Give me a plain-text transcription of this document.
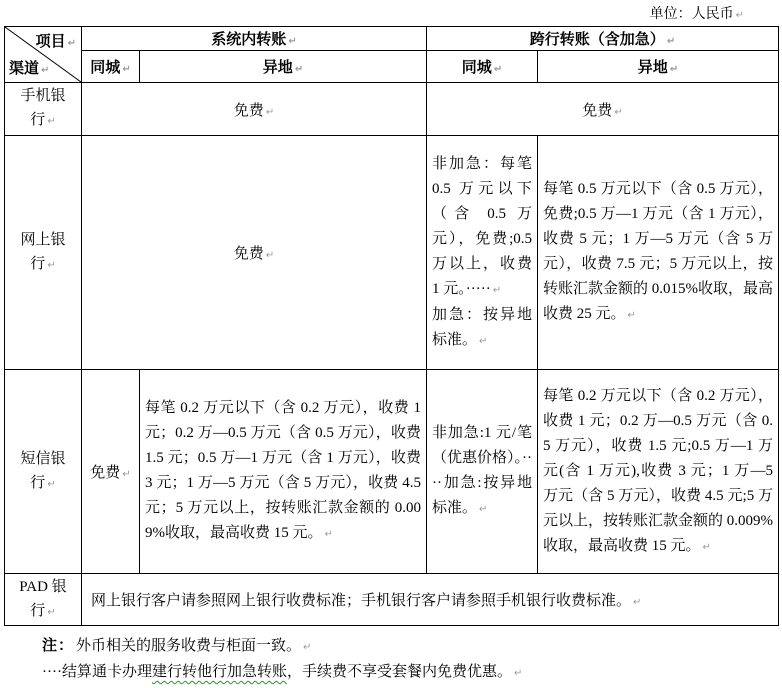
单位：人民币 ↵
项目 ↵
渠道 ↵	系统内转账 ↵		跨行转账（含加急） ↵
	同城 ↵	异地 ↵	同城 ↵	异地 ↵
手机银行 ↵	免费 ↵		免费 ↵
网上银行 ↵	免费 ↵		非加急：每笔 0.5 万元以下（含 0.5 万元），免费;0.5 万以上，收费 1 元。····· ↵
加急：按异地标准。 ↵	每笔 0.5 万元以下（含 0.5 万元），免费;0.5 万—1 万元（含 1 万元），收费 5 元；1 万—5 万元（含 5 万元），收费 7.5 元；5 万元以上，按转账汇款金额的 0.015%收取，最高收费 25 元。 ↵
短信银行 ↵	免费 ↵	每笔 0.2 万元以下（含 0.2 万元），收费 1 元；0.2 万—0.5 万元（含 0.5 万元），收费 1.5 元；0.5 万—1 万元（含 1 万元），收费 3 元；1 万—5 万元（含 5 万元），收费 4.5 元；5 万元以上，按转账汇款金额的 0.009%收取，最高收费 15 元。 ↵	非加急:1 元/笔（优惠价格）。····加急:按异地标准。 ↵	每笔 0.2 万元以下（含 0.2 万元），收费 1 元；0.2 万—0.5 万元（含 0.5 万元），收费 1.5 元;0.5 万—1 万元(含 1 万元),收费 3 元；1 万—5 万元（含 5 万元），收费 4.5 元;5 万元以上，按转账汇款金额的 0.009%收取，最高收费 15 元。 ↵
PAD 银行 ↵	网上银行客户请参照网上银行收费标准；手机银行客户请参照手机银行收费标准。 ↵
注： 外币相关的服务收费与柜面一致。 ↵
····结算通卡办理建行转他行加急转账，手续费不享受套餐内免费优惠。 ↵
